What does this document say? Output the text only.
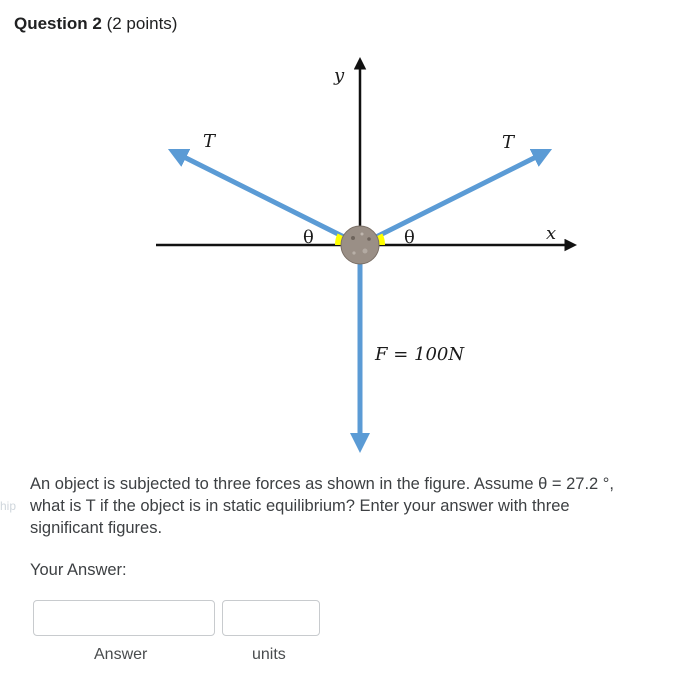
Question 2 (2 points)
y
x
T	T
θ	θ
F = 100N
hip
An object is subjected to three forces as shown in the figure. Assume θ = 27.2 °,
what is T if the object is in static equilibrium? Enter your answer with three
significant figures.
Your Answer:
Answer	units
